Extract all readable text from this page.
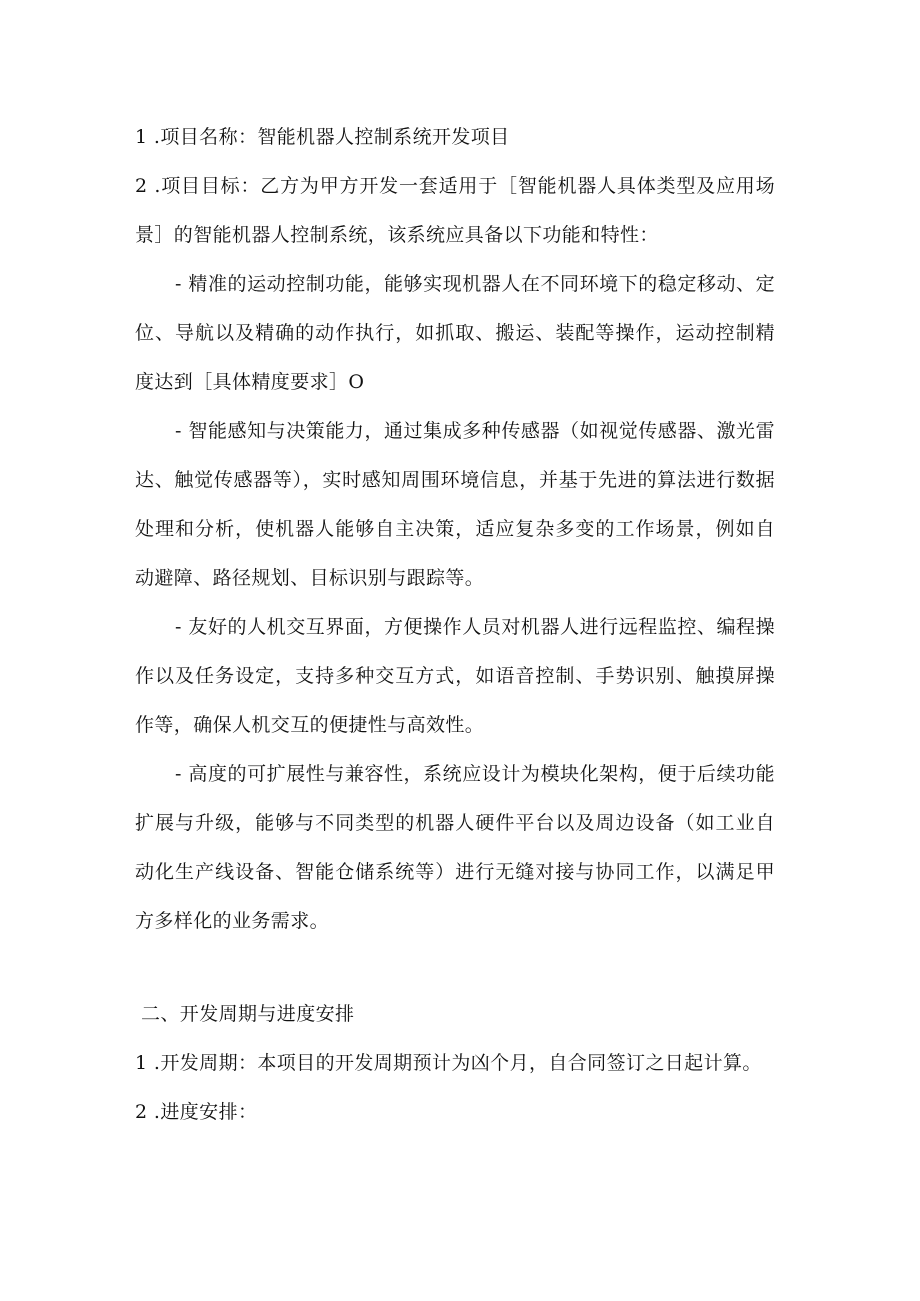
1 .项目名称：智能机器人控制系统开发项目

2 .项目目标：乙方为甲方开发一套适用于［智能机器人具体类型及应用场景］的智能机器人控制系统，该系统应具备以下功能和特性：

- 精准的运动控制功能，能够实现机器人在不同环境下的稳定移动、定位、导航以及精确的动作执行，如抓取、搬运、装配等操作，运动控制精度达到［具体精度要求］O

- 智能感知与决策能力，通过集成多种传感器（如视觉传感器、激光雷达、触觉传感器等），实时感知周围环境信息，并基于先进的算法进行数据处理和分析，使机器人能够自主决策，适应复杂多变的工作场景，例如自动避障、路径规划、目标识别与跟踪等。

- 友好的人机交互界面，方便操作人员对机器人进行远程监控、编程操作以及任务设定，支持多种交互方式，如语音控制、手势识别、触摸屏操作等，确保人机交互的便捷性与高效性。

- 高度的可扩展性与兼容性，系统应设计为模块化架构，便于后续功能扩展与升级，能够与不同类型的机器人硬件平台以及周边设备（如工业自动化生产线设备、智能仓储系统等）进行无缝对接与协同工作，以满足甲方多样化的业务需求。

二、开发周期与进度安排

1 .开发周期：本项目的开发周期预计为凶个月，自合同签订之日起计算。

2 .进度安排：
